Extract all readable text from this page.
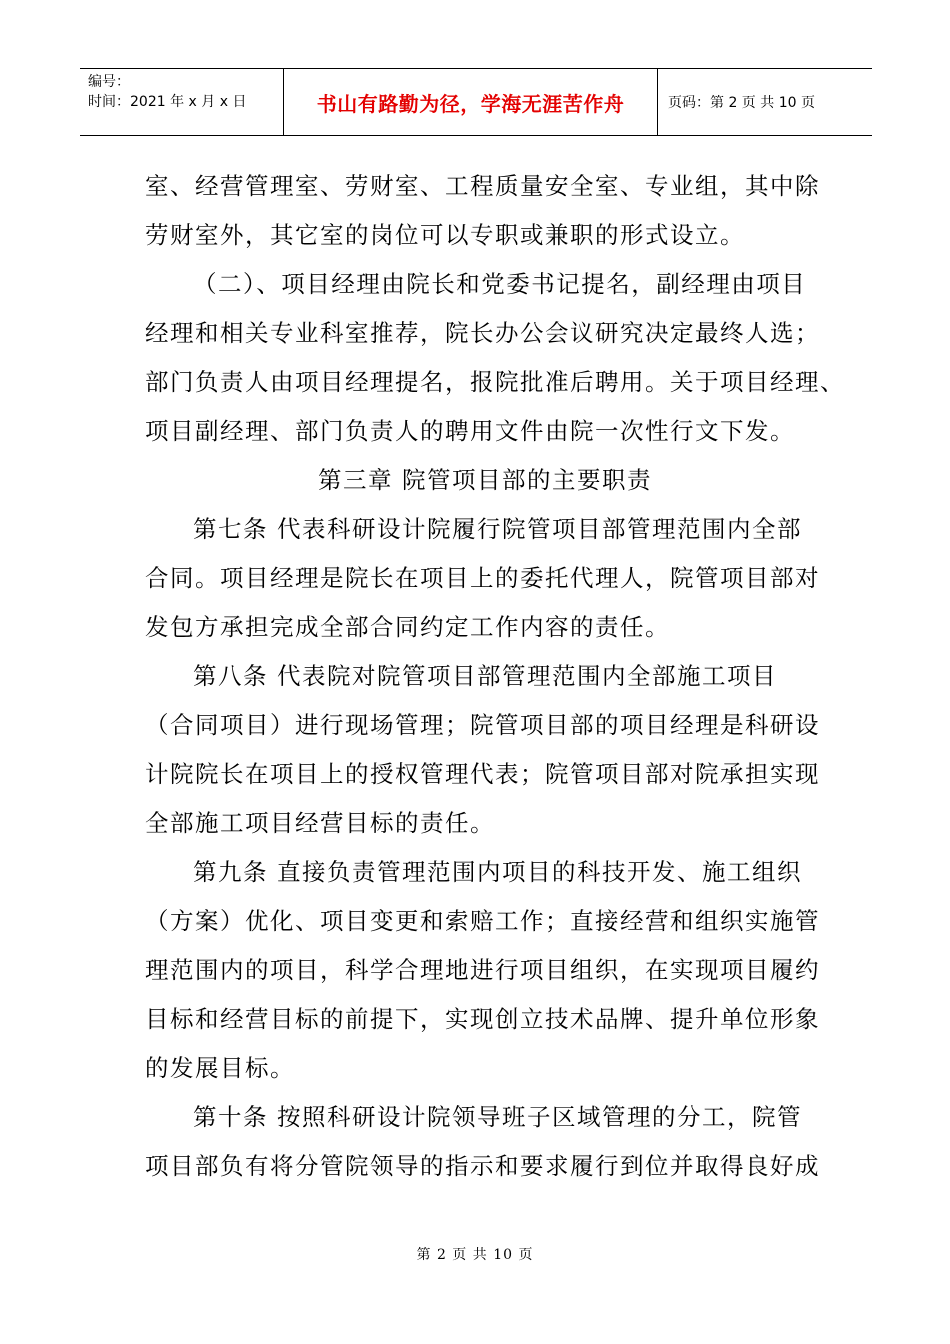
编号：
时间：2021 年 x 月 x 日	书山有路勤为径，学海无涯苦作舟	页码：第 2 页 共 10 页

室、经营管理室、劳财室、工程质量安全室、专业组，其中除

劳财室外，其它室的岗位可以专职或兼职的形式设立。

（二）、项目经理由院长和党委书记提名，副经理由项目

经理和相关专业科室推荐，院长办公会议研究决定最终人选；

部门负责人由项目经理提名，报院批准后聘用。关于项目经理、

项目副经理、部门负责人的聘用文件由院一次性行文下发。

第三章 院管项目部的主要职责

第七条 代表科研设计院履行院管项目部管理范围内全部

合同。项目经理是院长在项目上的委托代理人，院管项目部对

发包方承担完成全部合同约定工作内容的责任。

第八条 代表院对院管项目部管理范围内全部施工项目

（合同项目）进行现场管理；院管项目部的项目经理是科研设

计院院长在项目上的授权管理代表；院管项目部对院承担实现

全部施工项目经营目标的责任。

第九条 直接负责管理范围内项目的科技开发、施工组织

（方案）优化、项目变更和索赔工作；直接经营和组织实施管

理范围内的项目，科学合理地进行项目组织，在实现项目履约

目标和经营目标的前提下，实现创立技术品牌、提升单位形象

的发展目标。

第十条 按照科研设计院领导班子区域管理的分工，院管

项目部负有将分管院领导的指示和要求履行到位并取得良好成

第 2 页 共 10 页
